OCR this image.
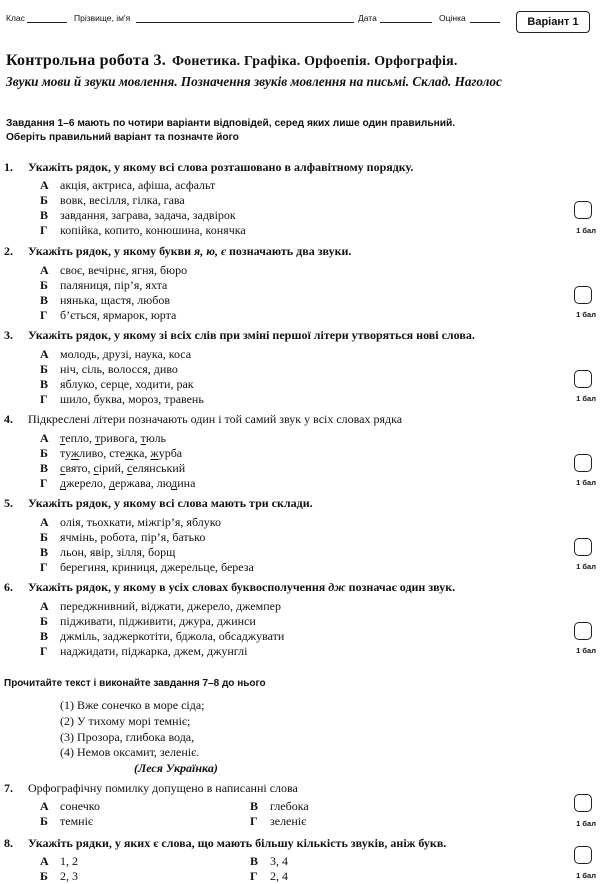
Клас	Прізвище, ім'я	Дата	Оцінка	Варіант 1
Контрольна робота 3. Фонетика. Графіка. Орфоепія. Орфографія.
Звуки мови й звуки мовлення. Позначення звуків мовлення на письмі. Склад. Наголос
Завдання 1–6 мають по чотири варіанти відповідей, серед яких лише один правильний.
Оберіть правильний варіант та позначте його
1. Укажіть рядок, у якому всі слова розташовано в алфавітному порядку.
А акція, актриса, афіша, асфальт
Б вовк, весілля, гілка, гава
В завдання, заграва, задача, задвірок
Г копійка, копито, конюшина, конячка	1 бал
2. Укажіть рядок, у якому букви я, ю, є позначають два звуки.
А своє, вечірнє, ягня, бюро
Б паляниця, пір’я, яхта
В нянька, щастя, любов
Г б’ється, ярмарок, юрта	1 бал
3. Укажіть рядок, у якому зі всіх слів при зміні першої літери утворяться нові слова.
А молодь, друзі, наука, коса
Б ніч, сіль, волосся, диво
В яблуко, серце, ходити, рак
Г шило, буква, мороз, травень	1 бал
4. Підкреслені літери позначають один і той самий звук у всіх словах рядка
А тепло, тривога, тюль
Б тужливо, стежка, журба
В свято, сірий, селянський
Г джерело, держава, людина	1 бал
5. Укажіть рядок, у якому всі слова мають три склади.
А олія, тьохкати, міжгір’я, яблуко
Б ячмінь, робота, пір’я, батько
В льон, явір, зілля, борщ
Г берегиня, криниця, джерельце, береза	1 бал
6. Укажіть рядок, у якому в усіх словах буквосполучення дж позначає один звук.
А переджнивний, віджати, джерело, джемпер
Б підживати, підживити, джура, джинси
В джміль, заджеркотіти, бджола, обсаджувати
Г наджидати, піджарка, джем, джунглі	1 бал
Прочитайте текст і виконайте завдання 7–8 до нього
(1) Вже сонечко в море сіда;
(2) У тихому морі темніє;
(3) Прозора, глибока вода,
(4) Немов оксамит, зеленіє.
(Леся Українка)
7. Орфографічну помилку допущено в написанні слова
А сонечко	В глебока
Б темніє	Г зеленіє	1 бал
8. Укажіть рядки, у яких є слова, що мають більшу кількість звуків, аніж букв.
А 1, 2	В 3, 4
Б 2, 3	Г 2, 4	1 бал
